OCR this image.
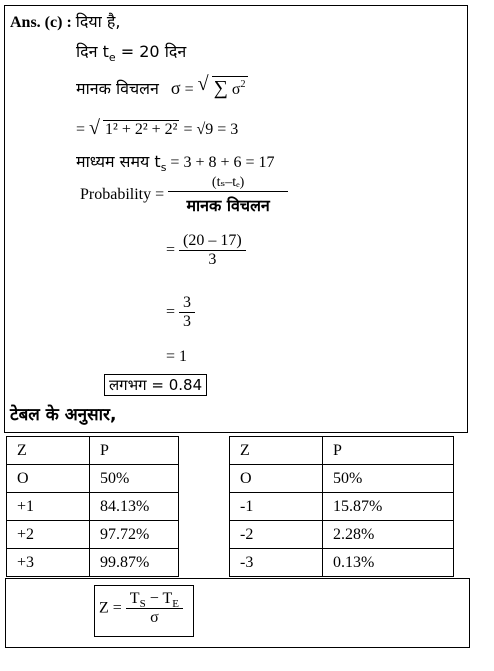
Ans. (c) : दिया है,
दिन $t_e = 20$ दिन
मानक विचलन σ = √ ∑ $\sigma^2$
= √ 1² + 2² + 2² = √9 = 3
माध्यम समय $t_s = 3 + 8 + 6 = 17$
Probability = $\frac{\text{(tₛ–tₑ)}}{\text{मानक विचलन}}$
= $\frac{(20 - 17)}{3}$
= $\frac{3}{3}$
= 1
लगभग = 0.84
टेबल के अनुसार,
Z	P
O	50%
+1	84.13%
+2	97.72%
+3	99.87%
Z	P
O	50%
-1	15.87%
-2	2.28%
-3	0.13%
$Z = \frac{T_S - T_E}{\sigma}$
